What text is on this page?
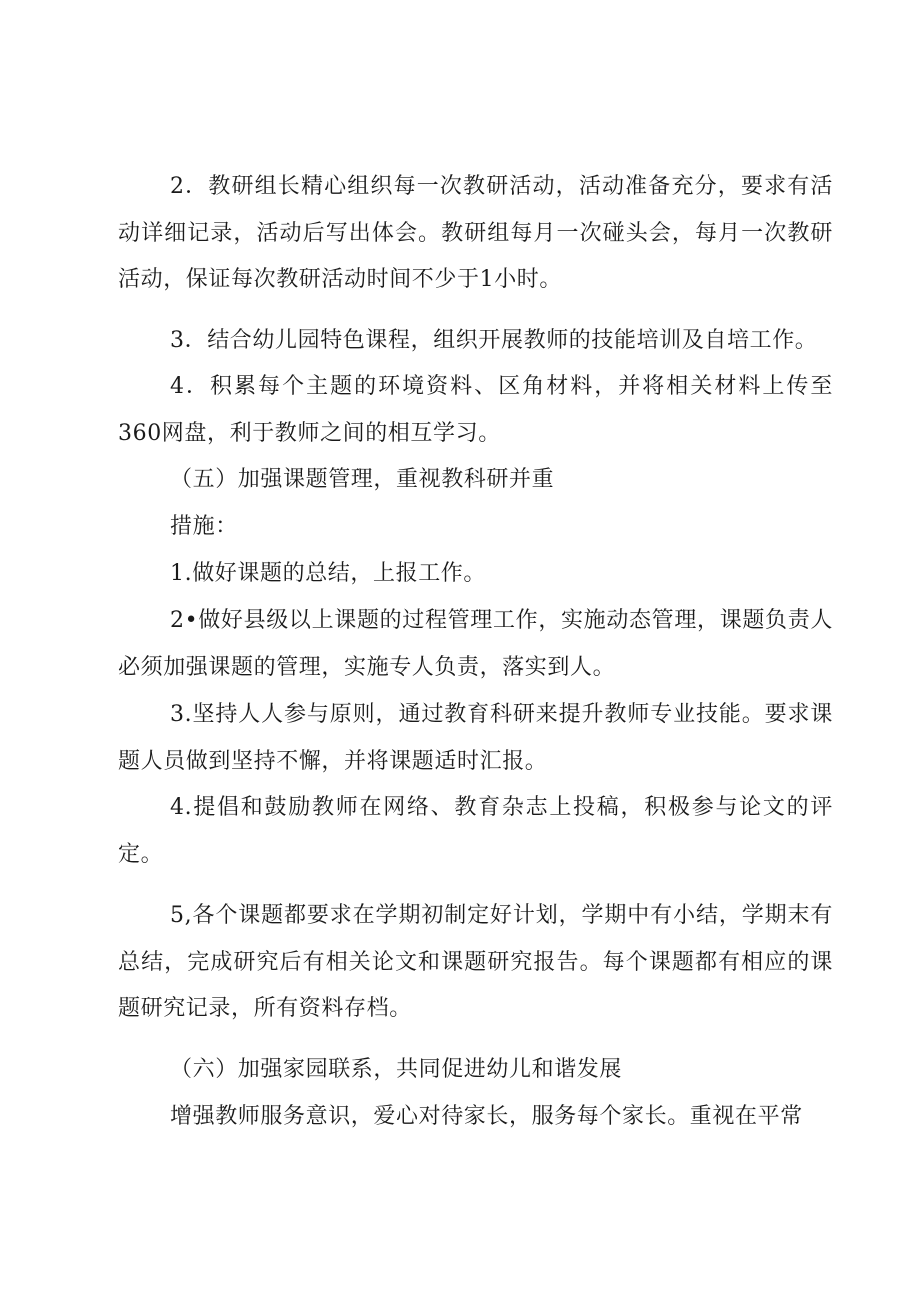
2．教研组长精心组织每一次教研活动，活动准备充分，要求有活动详细记录，活动后写出体会。教研组每月一次碰头会，每月一次教研活动，保证每次教研活动时间不少于1小时。

3．结合幼儿园特色课程，组织开展教师的技能培训及自培工作。

4．积累每个主题的环境资料、区角材料，并将相关材料上传至360网盘，利于教师之间的相互学习。

（五）加强课题管理，重视教科研并重

措施：

1.做好课题的总结，上报工作。

2•做好县级以上课题的过程管理工作，实施动态管理，课题负责人必须加强课题的管理，实施专人负责，落实到人。

3.坚持人人参与原则，通过教育科研来提升教师专业技能。要求课题人员做到坚持不懈，并将课题适时汇报。

4.提倡和鼓励教师在网络、教育杂志上投稿，积极参与论文的评定。

5,各个课题都要求在学期初制定好计划，学期中有小结，学期末有总结，完成研究后有相关论文和课题研究报告。每个课题都有相应的课题研究记录，所有资料存档。

（六）加强家园联系，共同促进幼儿和谐发展

增强教师服务意识，爱心对待家长，服务每个家长。重视在平常
